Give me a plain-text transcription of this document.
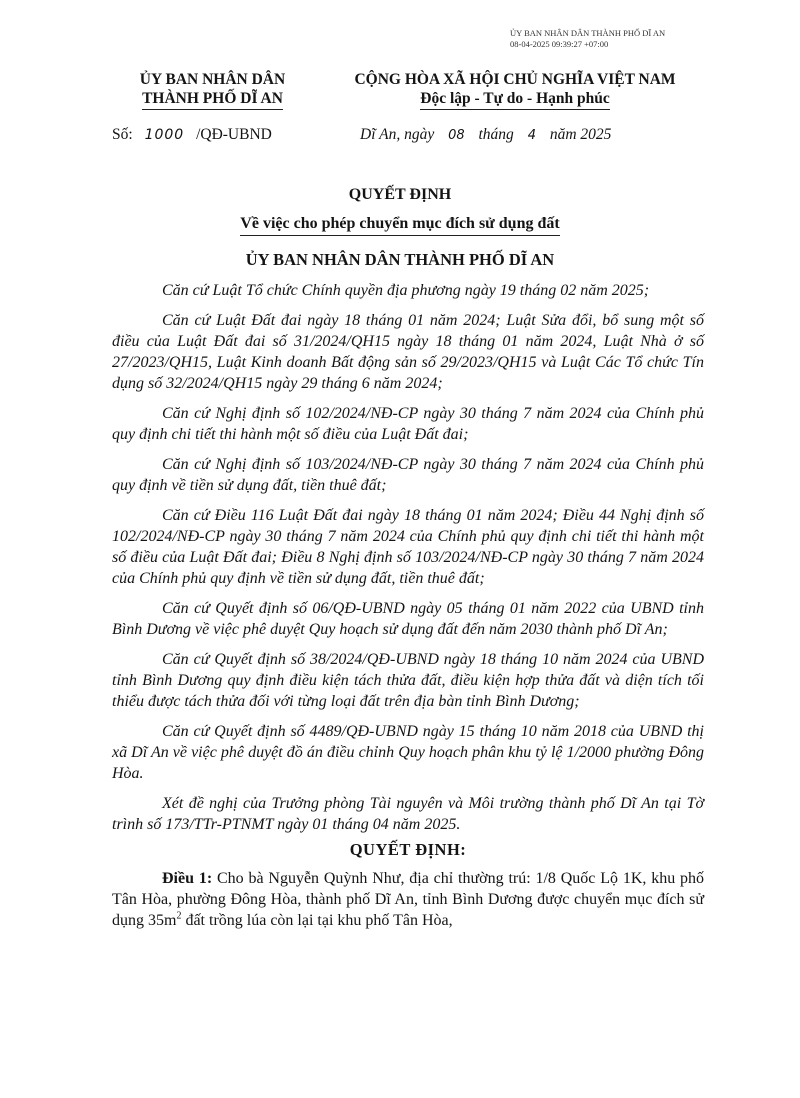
ỦY BAN NHÂN DÂN THÀNH PHỐ DĨ AN
08-04-2025 09:39:27 +07:00
ỦY BAN NHÂN DÂN
THÀNH PHỐ DĨ AN
CỘNG HÒA XÃ HỘI CHỦ NGHĨA VIỆT NAM
Độc lập - Tự do - Hạnh phúc
Số: 1000 /QĐ-UBND	Dĩ An, ngày 08 tháng 4 năm 2025
QUYẾT ĐỊNH
Về việc cho phép chuyển mục đích sử dụng đất
ỦY BAN NHÂN DÂN THÀNH PHỐ DĨ AN

Căn cứ Luật Tổ chức Chính quyền địa phương ngày 19 tháng 02 năm 2025;

Căn cứ Luật Đất đai ngày 18 tháng 01 năm 2024; Luật Sửa đổi, bổ sung một số điều của Luật Đất đai số 31/2024/QH15 ngày 18 tháng 01 năm 2024, Luật Nhà ở số 27/2023/QH15, Luật Kinh doanh Bất động sản số 29/2023/QH15 và Luật Các Tổ chức Tín dụng số 32/2024/QH15 ngày 29 tháng 6 năm 2024;

Căn cứ Nghị định số 102/2024/NĐ-CP ngày 30 tháng 7 năm 2024 của Chính phủ quy định chi tiết thi hành một số điều của Luật Đất đai;

Căn cứ Nghị định số 103/2024/NĐ-CP ngày 30 tháng 7 năm 2024 của Chính phủ quy định về tiền sử dụng đất, tiền thuê đất;

Căn cứ Điều 116 Luật Đất đai ngày 18 tháng 01 năm 2024; Điều 44 Nghị định số 102/2024/NĐ-CP ngày 30 tháng 7 năm 2024 của Chính phủ quy định chi tiết thi hành một số điều của Luật Đất đai; Điều 8 Nghị định số 103/2024/NĐ-CP ngày 30 tháng 7 năm 2024 của Chính phủ quy định về tiền sử dụng đất, tiền thuê đất;

Căn cứ Quyết định số 06/QĐ-UBND ngày 05 tháng 01 năm 2022 của UBND tỉnh Bình Dương về việc phê duyệt Quy hoạch sử dụng đất đến năm 2030 thành phố Dĩ An;

Căn cứ Quyết định số 38/2024/QĐ-UBND ngày 18 tháng 10 năm 2024 của UBND tỉnh Bình Dương quy định điều kiện tách thửa đất, điều kiện hợp thửa đất và diện tích tối thiểu được tách thửa đối với từng loại đất trên địa bàn tỉnh Bình Dương;

Căn cứ Quyết định số 4489/QĐ-UBND ngày 15 tháng 10 năm 2018 của UBND thị xã Dĩ An về việc phê duyệt đồ án điều chỉnh Quy hoạch phân khu tỷ lệ 1/2000 phường Đông Hòa.

Xét đề nghị của Trưởng phòng Tài nguyên và Môi trường thành phố Dĩ An tại Tờ trình số 173/TTr-PTNMT ngày 01 tháng 04 năm 2025.

QUYẾT ĐỊNH:

Điều 1: Cho bà Nguyễn Quỳnh Như, địa chỉ thường trú: 1/8 Quốc Lộ 1K, khu phố Tân Hòa, phường Đông Hòa, thành phố Dĩ An, tỉnh Bình Dương được chuyển mục đích sử dụng $35m^2$ đất trồng lúa còn lại tại khu phố Tân Hòa,
